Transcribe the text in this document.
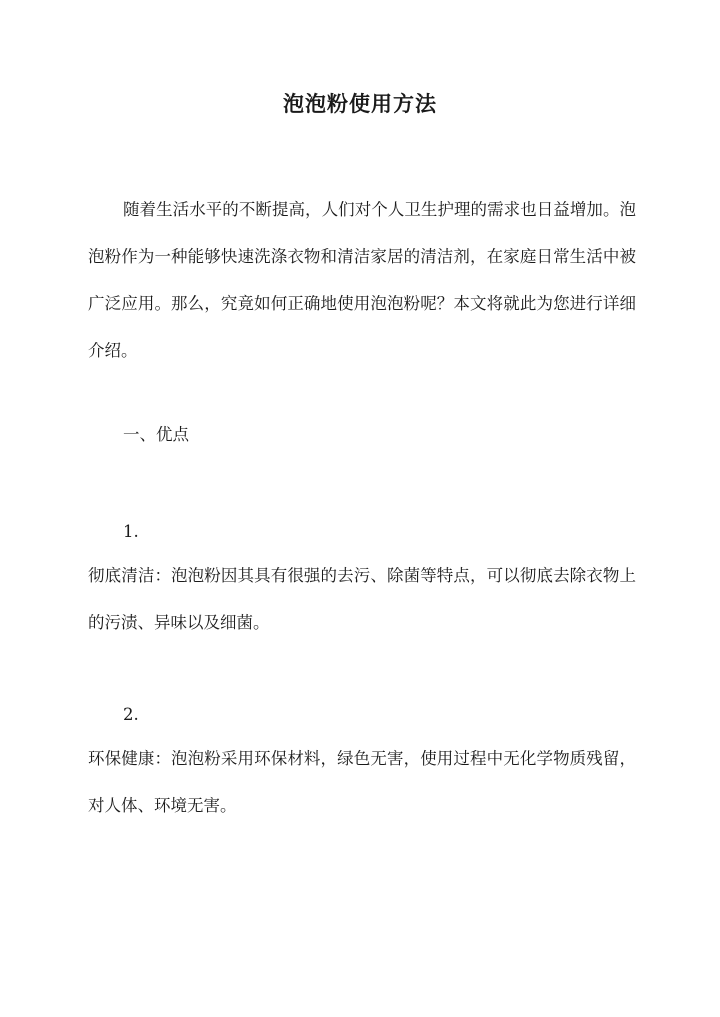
泡泡粉使用方法

随着生活水平的不断提高，人们对个人卫生护理的需求也日益增加。泡泡粉作为一种能够快速洗涤衣物和清洁家居的清洁剂，在家庭日常生活中被广泛应用。那么，究竟如何正确地使用泡泡粉呢？本文将就此为您进行详细介绍。

一、优点

1.

彻底清洁：泡泡粉因其具有很强的去污、除菌等特点，可以彻底去除衣物上的污渍、异味以及细菌。

2.

环保健康：泡泡粉采用环保材料，绿色无害，使用过程中无化学物质残留，对人体、环境无害。
